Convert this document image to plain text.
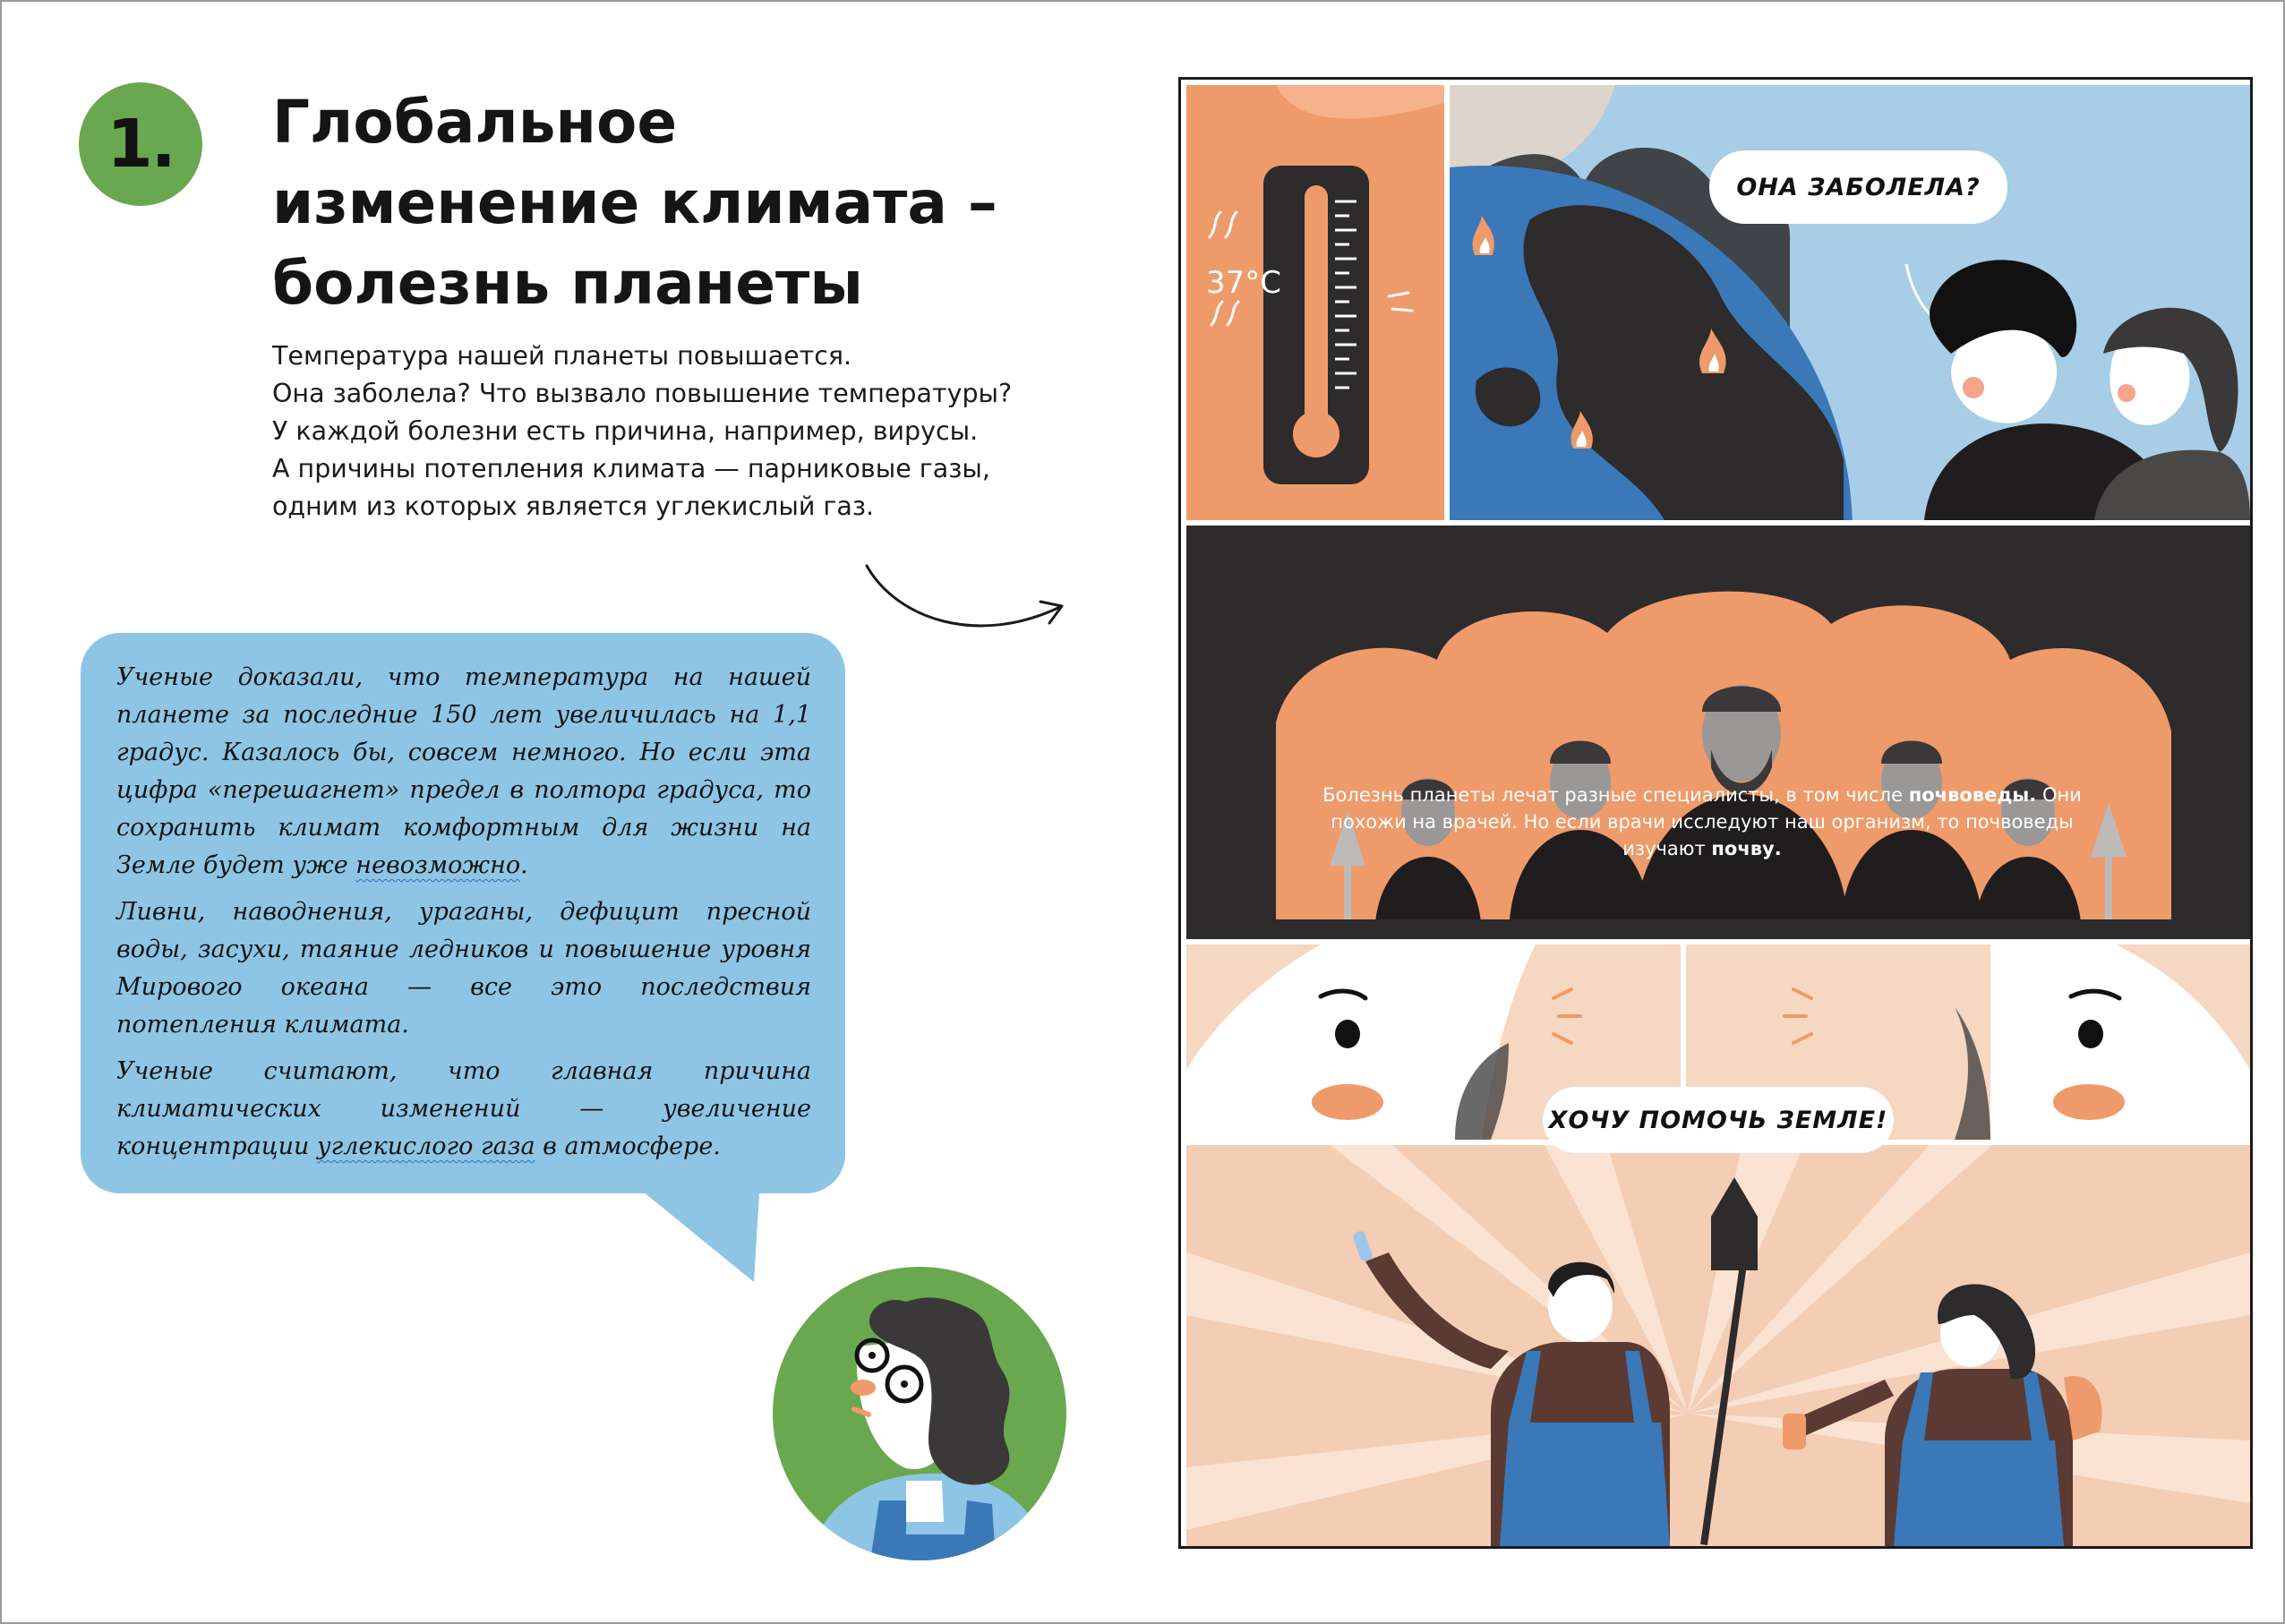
1. Глобальное
изменение климата –
болезнь планеты
Температура нашей планеты повышается.
Она заболела? Что вызвало повышение температуры?
У каждой болезни есть причина, например, вирусы.
А причины потепления климата — парниковые газы,
одним из которых является углекислый газ.

Ученые доказали, что температура на нашей планете за последние 150 лет увеличилась на 1,1 градус. Казалось бы, совсем немного. Но если эта цифра «перешагнет» предел в полтора градуса, то сохранить климат комфортным для жизни на Земле будет уже невозможно.

Ливни, наводнения, ураганы, дефицит пресной воды, засухи, таяние ледников и повышение уровня Мирового океана — все это последствия потепления климата.

Ученые считают, что главная причина климатических изменений — увеличение концентрации углекислого газа в атмосфере.

37°C
ОНА ЗАБОЛЕЛА?
Болезнь планеты лечат разные специалисты, в том числе почвоведы. Они похожи на врачей. Но если врачи исследуют наш организм, то почвоведы изучают почву.
ХОЧУ ПОМОЧЬ ЗЕМЛЕ!
